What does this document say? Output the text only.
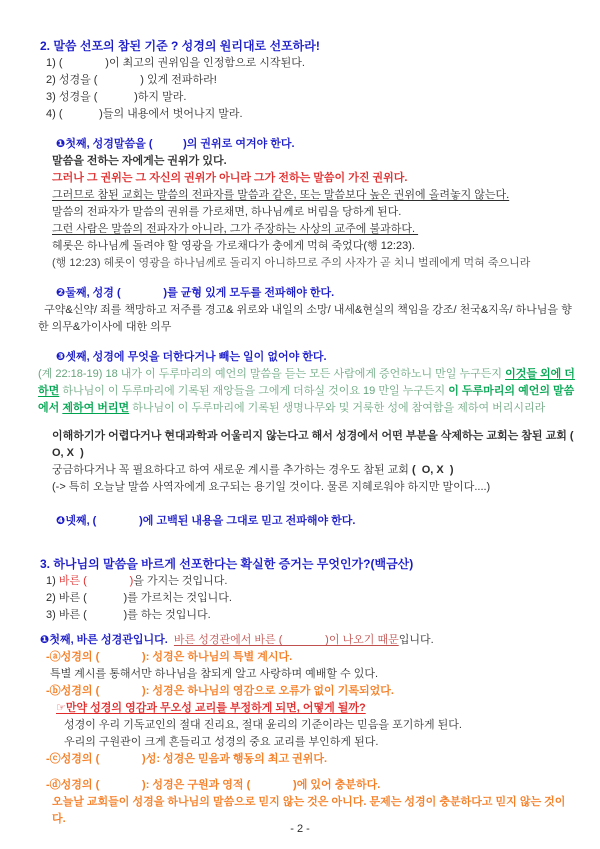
2. 말씀 선포의 참된 기준 ? 성경의 원리대로 선포하라!
1) (              )이 최고의 권위임을 인정함으로 시작된다.
2) 성경을 (              ) 있게 전파하라!
3) 성경을 (            )하지 말라.
4) (            )들의 내용에서 벗어나지 말라.
❶첫째, 성경말씀을 (          )의 권위로 여겨야 한다.
말씀을 전하는 자에게는 권위가 있다.
그러나 그 권위는 그 자신의 권위가 아니라 그가 전하는 말씀이 가진 권위다.
그러므로 참된 교회는 말씀의 전파자를 말씀과 같은, 또는 말씀보다 높은 권위에 올려놓지 않는다.
말씀의 전파자가 말씀의 권위를 가로채면, 하나님께로 버림을 당하게 된다.
그런 사람은 말씀의 전파자가 아니라, 그가 주장하는 사상의 교주에 불과하다.
헤롯은 하나님께 돌려야 할 영광을 가로채다가 충에게 먹혀 죽었다(행 12:23).
(행 12:23) 헤롯이 영광을 하나님께로 돌리지 아니하므로 주의 사자가 곧 치니 벌레에게 먹혀 죽으니라
❷둘째, 성경 (              )를 균형 있게 모두를 전파해야 한다.
구약&신약/ 죄를 책망하고 저주를 경고& 위로와 내일의 소망/ 내세&현실의 책임을 강조/ 천국&지옥/ 하나님을 향한 의무&가이사에 대한 의무
❸셋째, 성경에 무엇을 더한다거나 빼는 일이 없어야 한다.
(계 22:18-19) 18 내가 이 두루마리의 예언의 말씀을 듣는 모든 사람에게 증언하노니 만일 누구든지 이것들 외에 더하면 하나님이 이 두루마리에 기록된 재앙들을 그에게 더하실 것이요 19 만일 누구든지 이 두루마리의 예언의 말씀에서 제하여 버리면 하나님이 이 두루마리에 기록된 생명나무와 및 거룩한 성에 참여함을 제하여 버리시리라
이해하기가 어렵다거나 현대과학과 어울리지 않는다고 해서 성경에서 어떤 부분을 삭제하는 교회는 참된 교회 (  O, X  )
궁금하다거나 꼭 필요하다고 하여 새로운 계시를 추가하는 경우도 참된 교회 (  O, X  )
(-> 특히 오늘날 말씀 사역자에게 요구되는 용기일 것이다. 물론 지혜로워야 하지만 말이다....)
❹넷째, (              )에 고백된 내용을 그대로 믿고 전파해야 한다.
3. 하나님의 말씀을 바르게 선포한다는 확실한 증거는 무엇인가?(백금산)
1) 바른 (              )을 가지는 것입니다.
2) 바른 (            )를 가르치는 것입니다.
3) 바른 (            )를 하는 것입니다.
❶첫째, 바른 성경관입니다.  바른 성경관에서 바른 (              )이 나오기 때문입니다.
-ⓐ성경의 (              ): 성경은 하나님의 특별 계시다.
특별 계시를 통해서만 하나님을 참되게 알고 사랑하며 예배할 수 있다.
-ⓑ성경의 (              ): 성경은 하나님의 영감으로 오류가 없이 기록되었다.
☞만약 성경의 영감과 무오성 교리를 부정하게 되면, 어떻게 될까?
성경이 우리 기독교인의 절대 진리요, 절대 윤리의 기준이라는 믿음을 포기하게 된다.
우리의 구원관이 크게 흔들리고 성경의 중요 교리를 부인하게 된다.
-ⓒ성경의 (              )성: 성경은 믿음과 행동의 최고 권위다.
-ⓓ성경의 (              ): 성경은 구원과 영적 (              )에 있어 충분하다.
오늘날 교회들이 성경을 하나님의 말씀으로 믿지 않는 것은 아니다. 문제는 성경이 충분하다고 믿지 않는 것이다.
- 2 -
